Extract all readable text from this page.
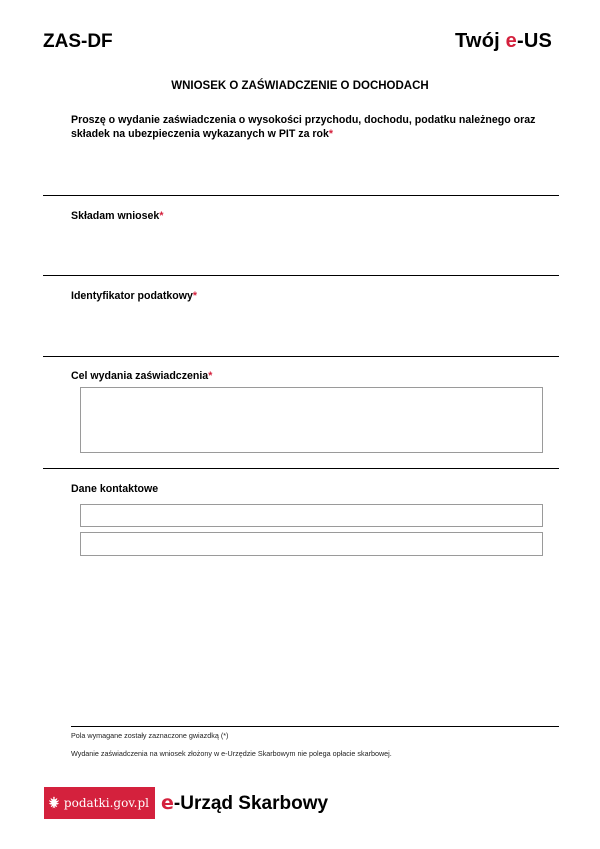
ZAS-DF	Twój e-US
WNIOSEK O ZAŚWIADCZENIE O DOCHODACH
Proszę o wydanie zaświadczenia o wysokości przychodu, dochodu, podatku należnego oraz składek na ubezpieczenia wykazanych w PIT za rok*
Składam wniosek*
Identyfikator podatkowy*
Cel wydania zaświadczenia*
Dane kontaktowe
Pola wymagane zostały zaznaczone gwiazdką (*)
Wydanie zaświadczenia na wniosek złożony w e-Urzędzie Skarbowym nie polega opłacie skarbowej.
podatki.gov.pl e-Urząd Skarbowy
